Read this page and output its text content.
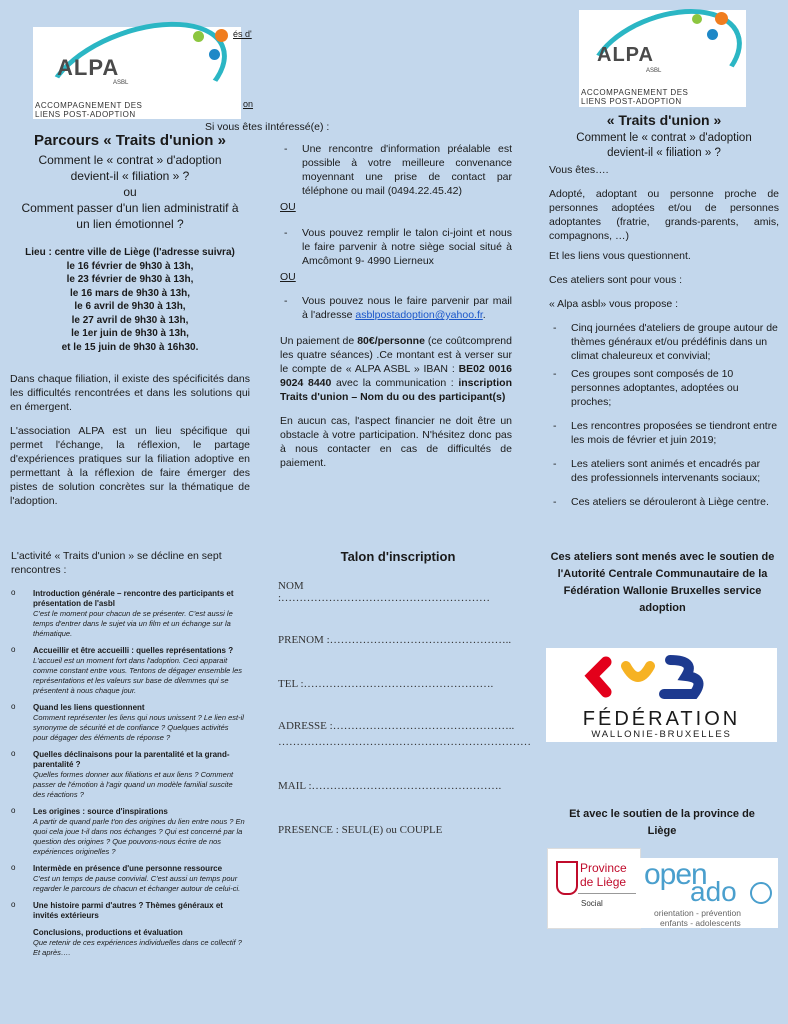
ALPA
ASBL
ACCOMPAGNEMENT DES
LIENS POST-ADOPTION
és d'
on
ALPA
ASBL
ACCOMPAGNEMENT DES
LIENS POST-ADOPTION
Parcours « Traits d'union »
Comment le « contrat » d'adoption
devient-il « filiation » ?
ou
Comment passer d'un lien administratif à
un lien émotionnel ?
Lieu : centre ville de Liège (l'adresse suivra)
le 16 février de 9h30 à 13h,
le 23 février de 9h30 à 13h,
le 16 mars de 9h30 à 13h,
le 6 avril de 9h30 à 13h,
le 27 avril de 9h30 à 13h,
le 1er juin de 9h30 à 13h,
et le 15 juin de 9h30 à 16h30.
Dans chaque filiation, il existe des spécificités dans les difficultés rencontrées et dans les solutions qui en émergent.
L'association ALPA est un lieu spécifique qui permet l'échange, la réflexion, le partage d'expériences pratiques sur la filiation adoptive en permettant à la réflexion de faire émerger des pistes de solution concrètes sur la thématique de l'adoption.
Si vous êtes iIntéressé(e) :
- Une rencontre d'information préalable est possible à votre meilleure convenance moyennant une prise de contact par téléphone ou mail (0494.22.45.42)
OU
- Vous pouvez remplir le talon ci-joint et nous le faire parvenir à notre siège social situé à Amcômont 9- 4990 Lierneux
OU
- Vous pouvez nous le faire parvenir par mail à l'adresse asblpostadoption@yahoo.fr.
Un paiement de 80€/personne (ce coûtcomprend les quatre séances) .Ce montant est à verser sur le compte de « ALPA ASBL » IBAN : BE02 0016 9024 8440 avec la communication : inscription Traits d'union – Nom du ou des participant(s)
En aucun cas, l'aspect financier ne doit être un obstacle à votre participation. N'hésitez donc pas à nous contacter en cas de difficultés de paiement.
« Traits d'union »
Comment le « contrat » d'adoption
devient-il « filiation » ?
Vous êtes….
Adopté, adoptant ou personne proche de personnes adoptées et/ou de personnes adoptantes (fratrie, grands-parents, amis, compagnons, …)
Et les liens vous questionnent.
Ces ateliers sont pour vous :
« Alpa asbl» vous propose :
- Cinq journées d'ateliers de groupe autour de thèmes généraux et/ou prédéfinis dans un climat chaleureux et convivial;
- Ces groupes sont composés de 10 personnes adoptantes, adoptées ou proches;
- Les rencontres proposées se tiendront entre les mois de février et juin 2019;
- Les ateliers sont animés et encadrés par des professionnels intervenants sociaux;
- Ces ateliers se dérouleront à Liège centre.
L'activité « Traits d'union » se décline en sept rencontres :
o Introduction générale – rencontre des participants et présentation de l'asbl
C'est le moment pour chacun de se présenter. C'est aussi le temps d'entrer dans le sujet via un film et un échange sur la thématique.
o Accueillir et être accueilli : quelles représentations ?
L'accueil est un moment fort dans l'adoption. Ceci apparait comme constant entre vous. Tentons de dégager ensemble les représentations et les valeurs sur base de dilemmes qui se présentent à nous chaque jour.
o Quand les liens questionnent
Comment représenter les liens qui nous unissent ? Le lien est-il synonyme de sécurité et de confiance ? Quelques activités pour dégager des éléments de réponse ?
o Quelles déclinaisons pour la parentalité et la grand-parentalité ?
Quelles formes donner aux filiations et aux liens ? Comment passer de l'émotion à l'agir quand un modèle familial suscite des réactions ?
o Les origines : source d'inspirations
A partir de quand parle t'on des origines du lien entre nous ? En quoi cela joue t-il dans nos échanges ? Qui est concerné par la question des origines ? Que pouvons-nous écrire de nos expériences originelles ?
o Intermède en présence d'une personne ressource
C'est un temps de pause convivial. C'est aussi un temps pour regarder le parcours de chacun et échanger autour de celui-ci.
o Une histoire parmi d'autres ? Thèmes généraux et invités extérieurs
Conclusions, productions et évaluation
Que retenir de ces expériences individuelles dans ce collectif ? Et après….
Talon d'inscription
NOM :…………………………………………………
PRENOM :…………………………………………..
TEL :…………………………………………….
ADRESSE :…………………………………………..
……………………………………………………………
MAIL :…………………………………………….
PRESENCE : SEUL(E) ou COUPLE
Ces ateliers sont menés avec le soutien de l'Autorité Centrale Communautaire de la Fédération Wallonie Bruxelles service adoption
FÉDÉRATION
WALLONIE-BRUXELLES
Et avec le soutien de la province de Liège
Province
de Liège
Social
open
ado
orientation - prévention
enfants - adolescents
